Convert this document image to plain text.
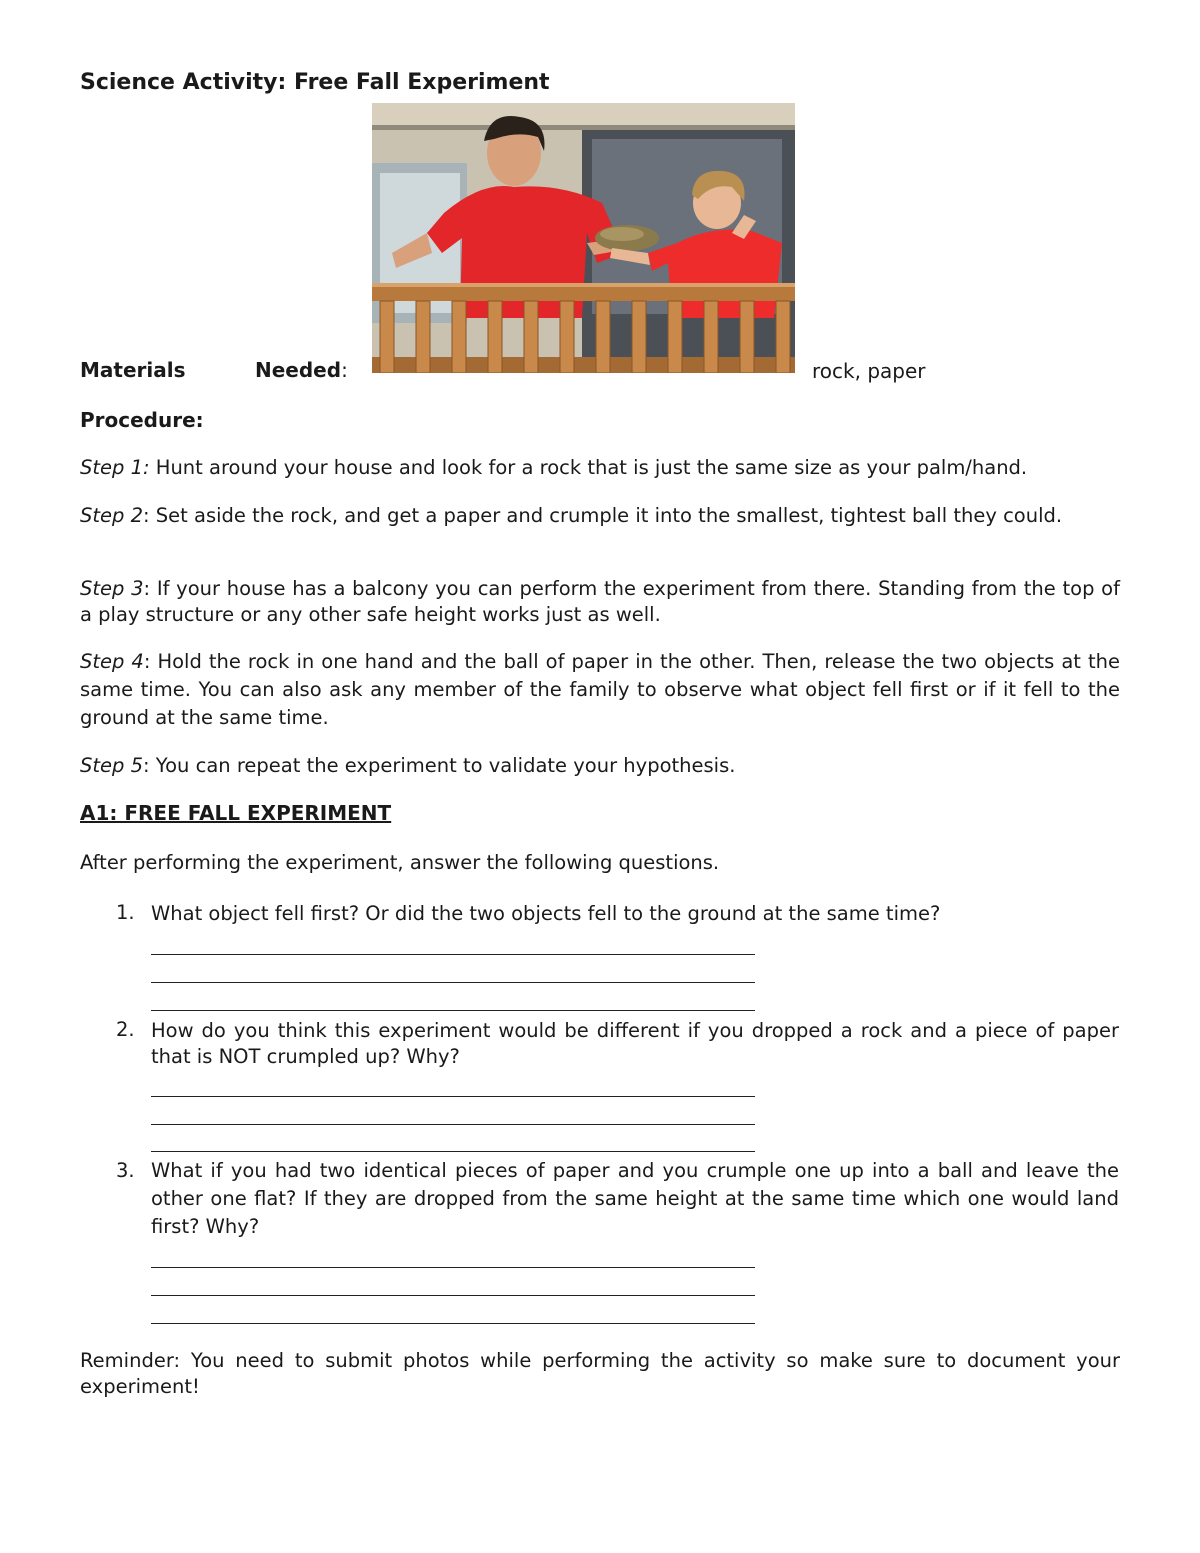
Science Activity: Free Fall Experiment
Materials	Needed:	rock, paper
Procedure:

Step 1: Hunt around your house and look for a rock that is just the same size as your palm/hand.

Step 2: Set aside the rock, and get a paper and crumple it into the smallest, tightest ball they could.

Step 3: If your house has a balcony you can perform the experiment from there. Standing from the top of a play structure or any other safe height works just as well.

Step 4: Hold the rock in one hand and the ball of paper in the other. Then, release the two objects at the same time. You can also ask any member of the family to observe what object fell first or if it fell to the ground at the same time.

Step 5: You can repeat the experiment to validate your hypothesis.

A1: FREE FALL EXPERIMENT

After performing the experiment, answer the following questions.

1. What object fell first? Or did the two objects fell to the ground at the same time?

2. How do you think this experiment would be different if you dropped a rock and a piece of paper that is NOT crumpled up? Why?

3. What if you had two identical pieces of paper and you crumple one up into a ball and leave the other one flat? If they are dropped from the same height at the same time which one would land first? Why?

Reminder: You need to submit photos while performing the activity so make sure to document your experiment!
